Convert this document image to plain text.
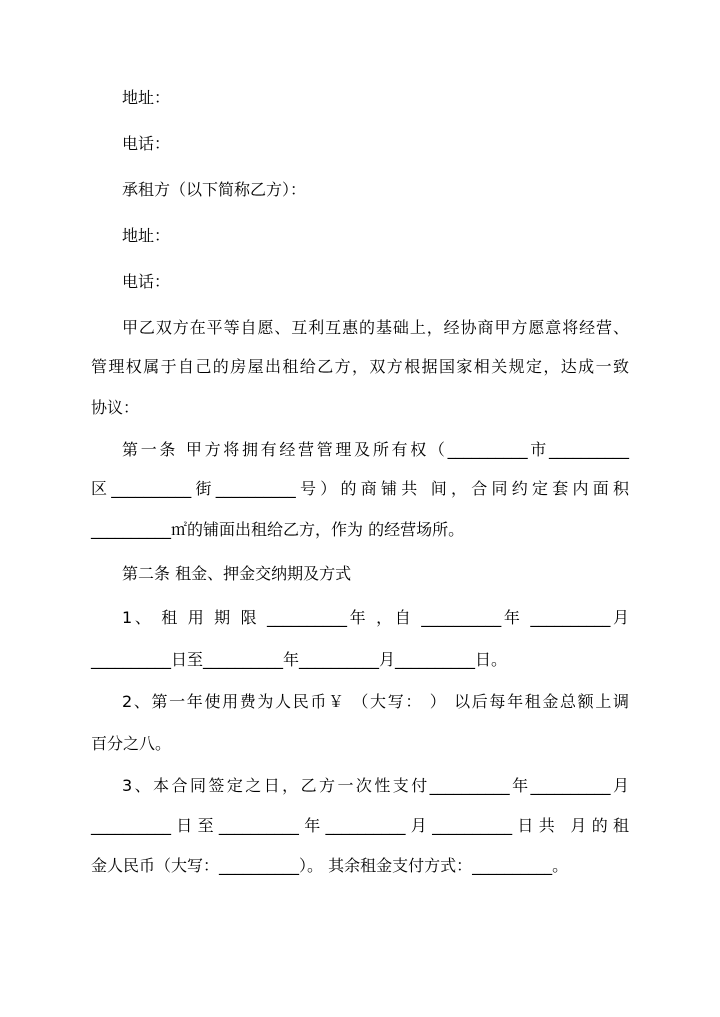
地址：

电话：

承租方（以下简称乙方）：

地址：

电话：

甲乙双方在平等自愿、互利互惠的基础上，经协商甲方愿意将经营、

管理权属于自己的房屋出租给乙方，双方根据国家相关规定，达成一致

协议：

第一条 甲方将拥有经营管理及所有权（__________市__________

区__________街__________号）的商铺共 间，合同约定套内面积

__________㎡的铺面出租给乙方，作为 的经营场所。

第二条 租金、押金交纳期及方式

1、 租 用 期 限 __________年 ，自 __________年 __________月

__________日至__________年__________月__________日。

2、第一年使用费为人民币￥ （大写： ） 以后每年租金总额上调

百分之八。

3、本合同签定之日，乙方一次性支付__________年__________月

__________日至__________年__________月__________日共 月的租

金人民币（大写：__________）。 其余租金支付方式：__________。
